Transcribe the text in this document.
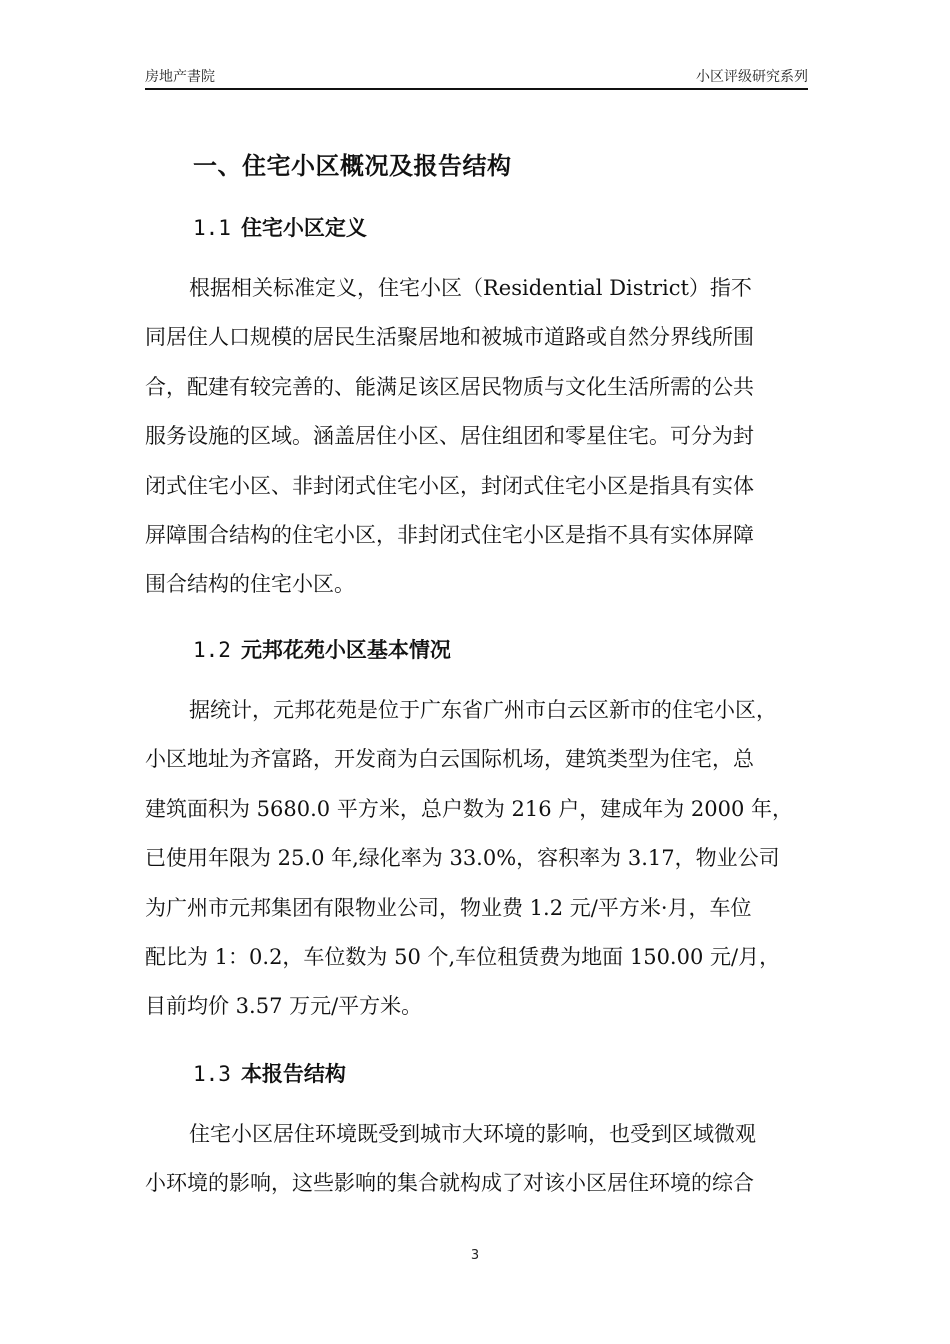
房地产書院	小区评级研究系列
一、住宅小区概况及报告结构
1.1 住宅小区定义
根据相关标准定义，住宅小区（Residential District）指不
同居住人口规模的居民生活聚居地和被城市道路或自然分界线所围
合，配建有较完善的、能满足该区居民物质与文化生活所需的公共
服务设施的区域。涵盖居住小区、居住组团和零星住宅。可分为封
闭式住宅小区、非封闭式住宅小区，封闭式住宅小区是指具有实体
屏障围合结构的住宅小区，非封闭式住宅小区是指不具有实体屏障
围合结构的住宅小区。
1.2 元邦花苑小区基本情况
据统计，元邦花苑是位于广东省广州市白云区新市的住宅小区，
小区地址为齐富路，开发商为白云国际机场，建筑类型为住宅，总
建筑面积为 5680.0 平方米，总户数为 216 户，建成年为 2000 年，
已使用年限为 25.0 年,绿化率为 33.0%，容积率为 3.17，物业公司
为广州市元邦集团有限物业公司，物业费 1.2 元/平方米·月，车位
配比为 1：0.2，车位数为 50 个,车位租赁费为地面 150.00 元/月，
目前均价 3.57 万元/平方米。
1.3 本报告结构
住宅小区居住环境既受到城市大环境的影响，也受到区域微观
小环境的影响，这些影响的集合就构成了对该小区居住环境的综合
3
